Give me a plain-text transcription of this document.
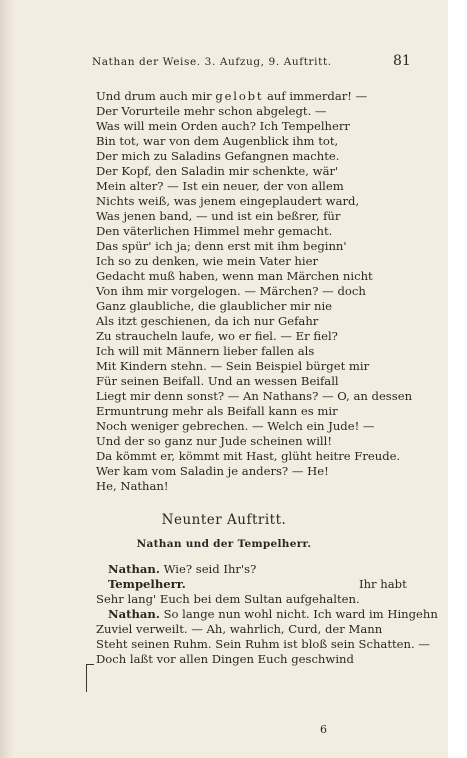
Nathan der Weise. 3. Aufzug, 9. Auftritt.	81
Und drum auch mir gelobt auf immerdar! —
Der Vorurteile mehr schon abgelegt. —
Was will mein Orden auch? Ich Tempelherr
Bin tot, war von dem Augenblick ihm tot,
Der mich zu Saladins Gefangnen machte.
Der Kopf, den Saladin mir schenkte, wär'
Mein alter? — Ist ein neuer, der von allem
Nichts weiß, was jenem eingeplaudert ward,
Was jenen band, — und ist ein beßrer, für
Den väterlichen Himmel mehr gemacht.
Das spür' ich ja; denn erst mit ihm beginn'
Ich so zu denken, wie mein Vater hier
Gedacht muß haben, wenn man Märchen nicht
Von ihm mir vorgelogen. — Märchen? — doch
Ganz glaubliche, die glaublicher mir nie
Als itzt geschienen, da ich nur Gefahr
Zu straucheln laufe, wo er fiel. — Er fiel?
Ich will mit Männern lieber fallen als
Mit Kindern stehn. — Sein Beispiel bürget mir
Für seinen Beifall. Und an wessen Beifall
Liegt mir denn sonst? — An Nathans? — O, an dessen
Ermuntrung mehr als Beifall kann es mir
Noch weniger gebrechen. — Welch ein Jude! —
Und der so ganz nur Jude scheinen will!
Da kömmt er, kömmt mit Hast, glüht heitre Freude.
Wer kam vom Saladin je anders? — He!
He, Nathan!
Neunter Auftritt.
Nathan und der Tempelherr.
Nathan. Wie? seid Ihr's?
Tempelherr.	Ihr habt
Sehr lang' Euch bei dem Sultan aufgehalten.
Nathan. So lange nun wohl nicht. Ich ward im Hingehn
Zuviel verweilt. — Ah, wahrlich, Curd, der Mann
Steht seinen Ruhm. Sein Ruhm ist bloß sein Schatten. —
Doch laßt vor allen Dingen Euch geschwind
6
